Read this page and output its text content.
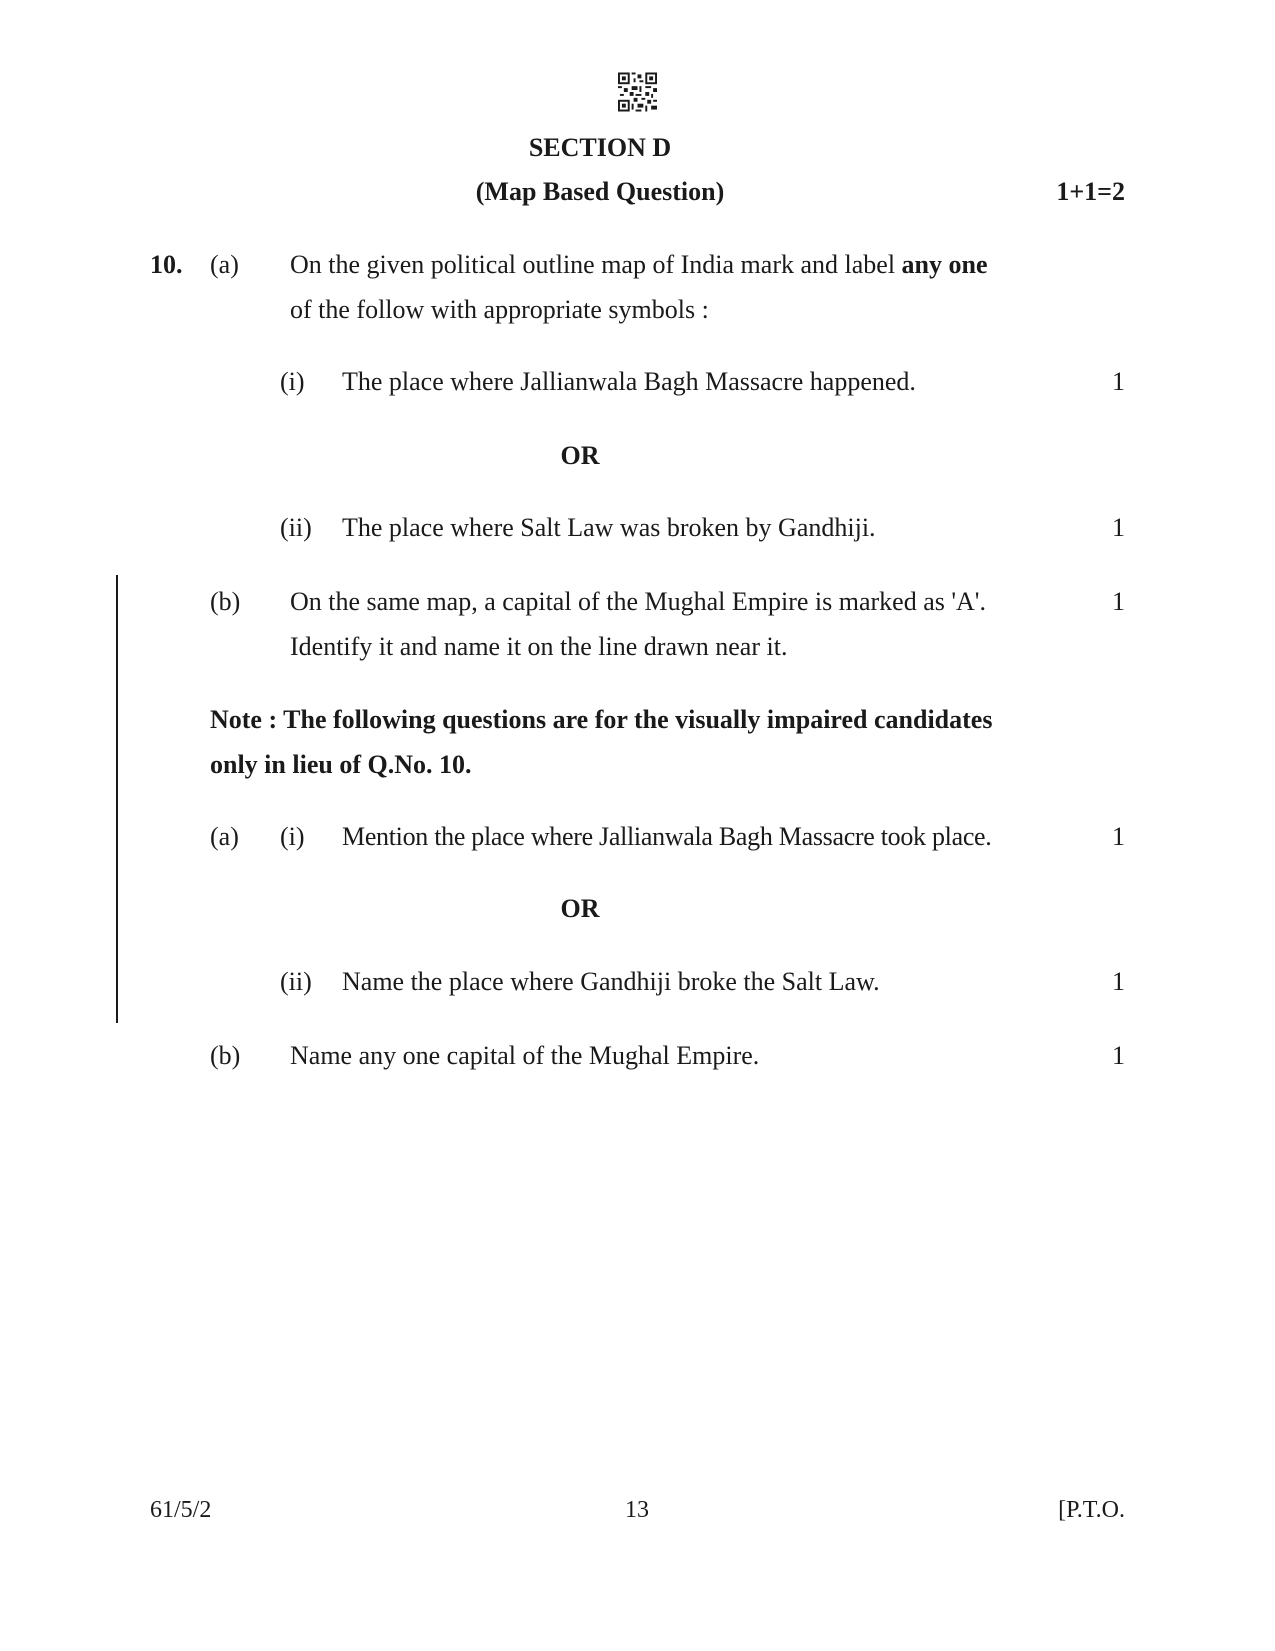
SECTION D
(Map Based Question)	1+1=2
10. (a) On the given political outline map of India mark and label any one
of the follow with appropriate symbols :
(i) The place where Jallianwala Bagh Massacre happened.	1
OR
(ii) The place where Salt Law was broken by Gandhiji.	1
(b) On the same map, a capital of the Mughal Empire is marked as 'A'.
Identify it and name it on the line drawn near it.
1
Note : The following questions are for the visually impaired candidates
only in lieu of Q.No. 10.
(a) (i) Mention the place where Jallianwala Bagh Massacre took place.	1
OR
(ii) Name the place where Gandhiji broke the Salt Law.	1
(b) Name any one capital of the Mughal Empire.	1
61/5/2	13	[P.T.O.
